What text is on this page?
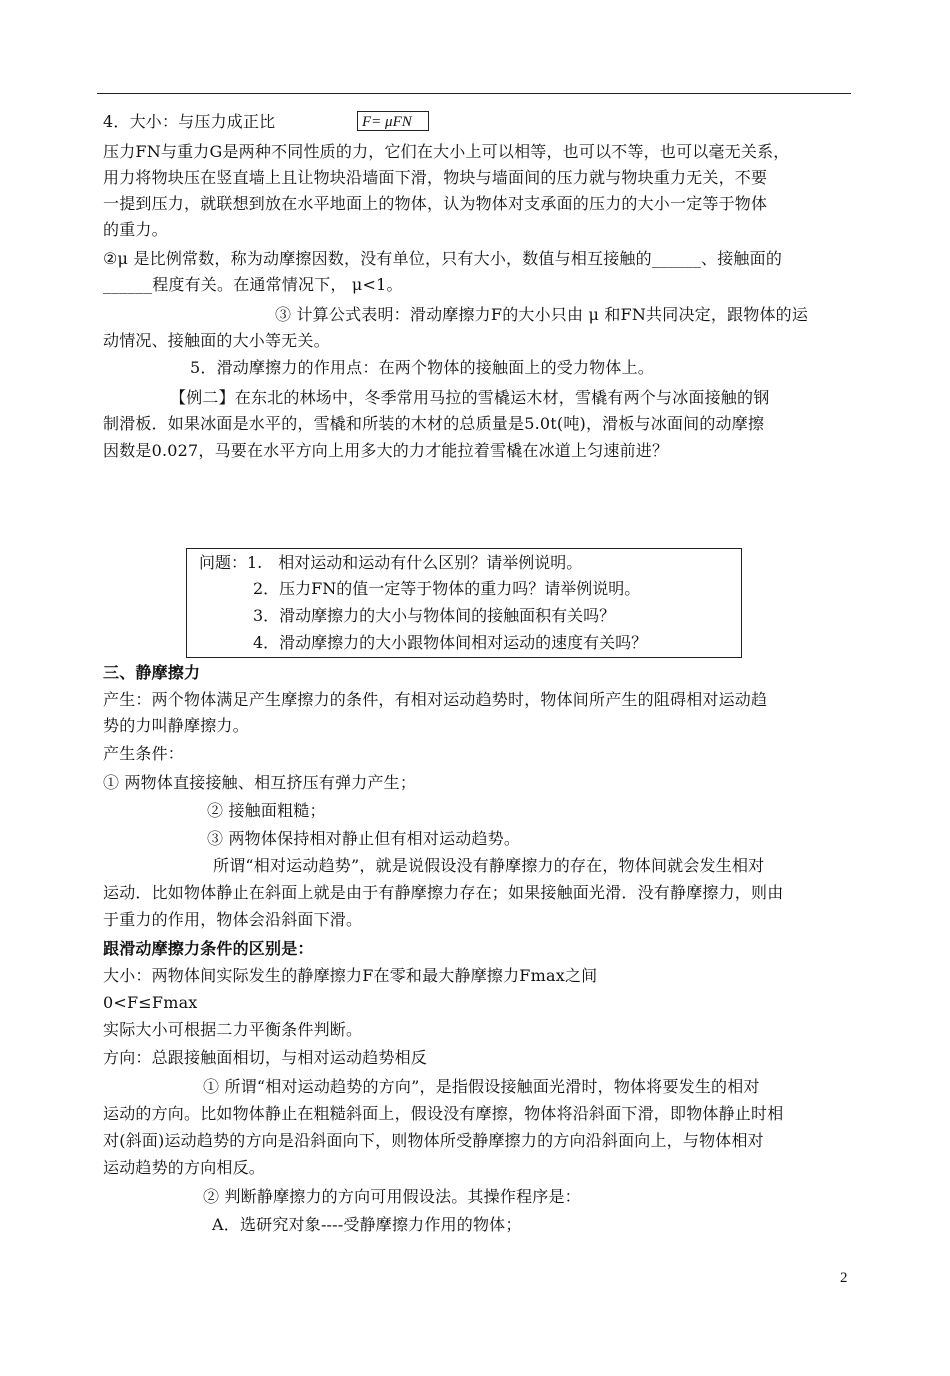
4．大小：与压力成正比	F= μFN
压力FN与重力G是两种不同性质的力，它们在大小上可以相等，也可以不等，也可以毫无关系，
用力将物块压在竖直墙上且让物块沿墙面下滑，物块与墙面间的压力就与物块重力无关，不要
一提到压力，就联想到放在水平地面上的物体，认为物体对支承面的压力的大小一定等于物体
的重力。
②μ 是比例常数，称为动摩擦因数，没有单位，只有大小，数值与相互接触的______、接触面的
______程度有关。在通常情况下， μ<1。
③ 计算公式表明：滑动摩擦力F的大小只由 μ 和FN共同决定，跟物体的运
动情况、接触面的大小等无关。
5．滑动摩擦力的作用点：在两个物体的接触面上的受力物体上。
【例二】在东北的林场中，冬季常用马拉的雪橇运木材，雪橇有两个与冰面接触的钢
制滑板．如果冰面是水平的，雪橇和所装的木材的总质量是5.0t(吨)，滑板与冰面间的动摩擦
因数是0.027，马要在水平方向上用多大的力才能拉着雪橇在冰道上匀速前进？
问题：1.　相对运动和运动有什么区别？请举例说明。
2．压力FN的值一定等于物体的重力吗？请举例说明。
3．滑动摩擦力的大小与物体间的接触面积有关吗？
4．滑动摩擦力的大小跟物体间相对运动的速度有关吗？
三、静摩擦力
产生：两个物体满足产生摩擦力的条件，有相对运动趋势时，物体间所产生的阻碍相对运动趋
势的力叫静摩擦力。
产生条件：
① 两物体直接接触、相互挤压有弹力产生；
② 接触面粗糙；
③ 两物体保持相对静止但有相对运动趋势。
所谓“相对运动趋势”，就是说假设没有静摩擦力的存在，物体间就会发生相对
运动．比如物体静止在斜面上就是由于有静摩擦力存在；如果接触面光滑．没有静摩擦力，则由
于重力的作用，物体会沿斜面下滑。
跟滑动摩擦力条件的区别是：
大小：两物体间实际发生的静摩擦力F在零和最大静摩擦力Fmax之间
0<F≤Fmax
实际大小可根据二力平衡条件判断。
方向：总跟接触面相切，与相对运动趋势相反
① 所谓“相对运动趋势的方向”，是指假设接触面光滑时，物体将要发生的相对
运动的方向。比如物体静止在粗糙斜面上，假设没有摩擦，物体将沿斜面下滑，即物体静止时相
对(斜面)运动趋势的方向是沿斜面向下，则物体所受静摩擦力的方向沿斜面向上，与物体相对
运动趋势的方向相反。
② 判断静摩擦力的方向可用假设法。其操作程序是：
A．选研究对象----受静摩擦力作用的物体；
2
